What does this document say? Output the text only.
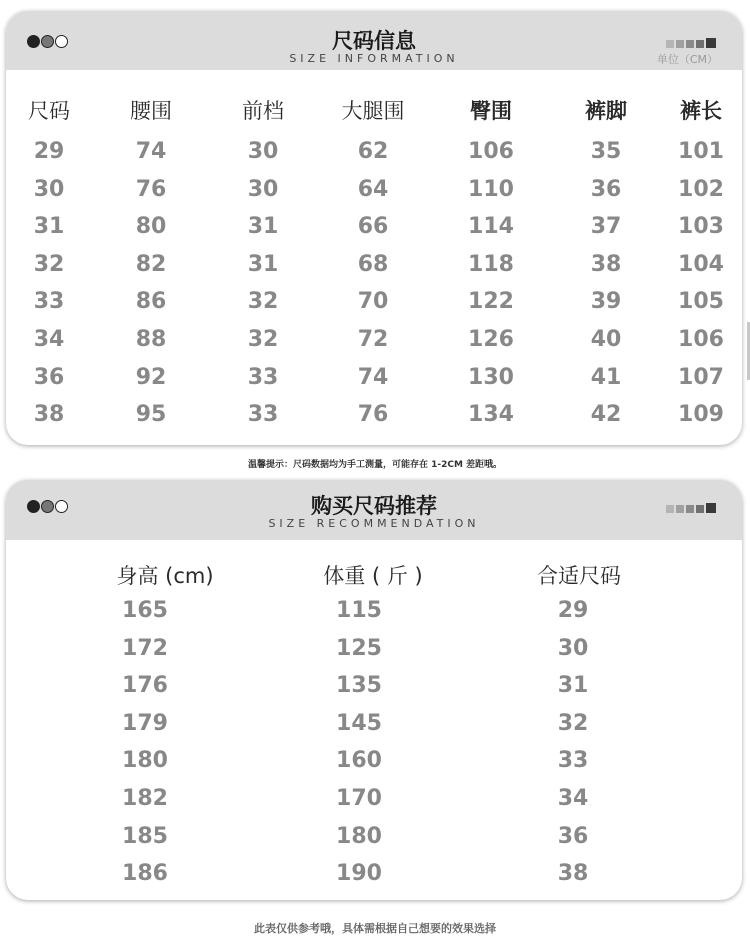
尺码信息
SIZE INFORMATION	单位（CM）
尺码	腰围	前档	大腿围	臀围	裤脚	裤长
29	74	30	62	106	35	101
30	76	30	64	110	36	102
31	80	31	66	114	37	103
32	82	31	68	118	38	104
33	86	32	70	122	39	105
34	88	32	72	126	40	106
36	92	33	74	130	41	107
38	95	33	76	134	42	109
温馨提示：尺码数据均为手工测量，可能存在 1-2CM 差距哦。
购买尺码推荐
SIZE RECOMMENDATION
身高 (cm)	体重 ( 斤 )	合适尺码
165	115	29
172	125	30
176	135	31
179	145	32
180	160	33
182	170	34
185	180	36
186	190	38
此表仅供参考哦，具体需根据自己想要的效果选择
